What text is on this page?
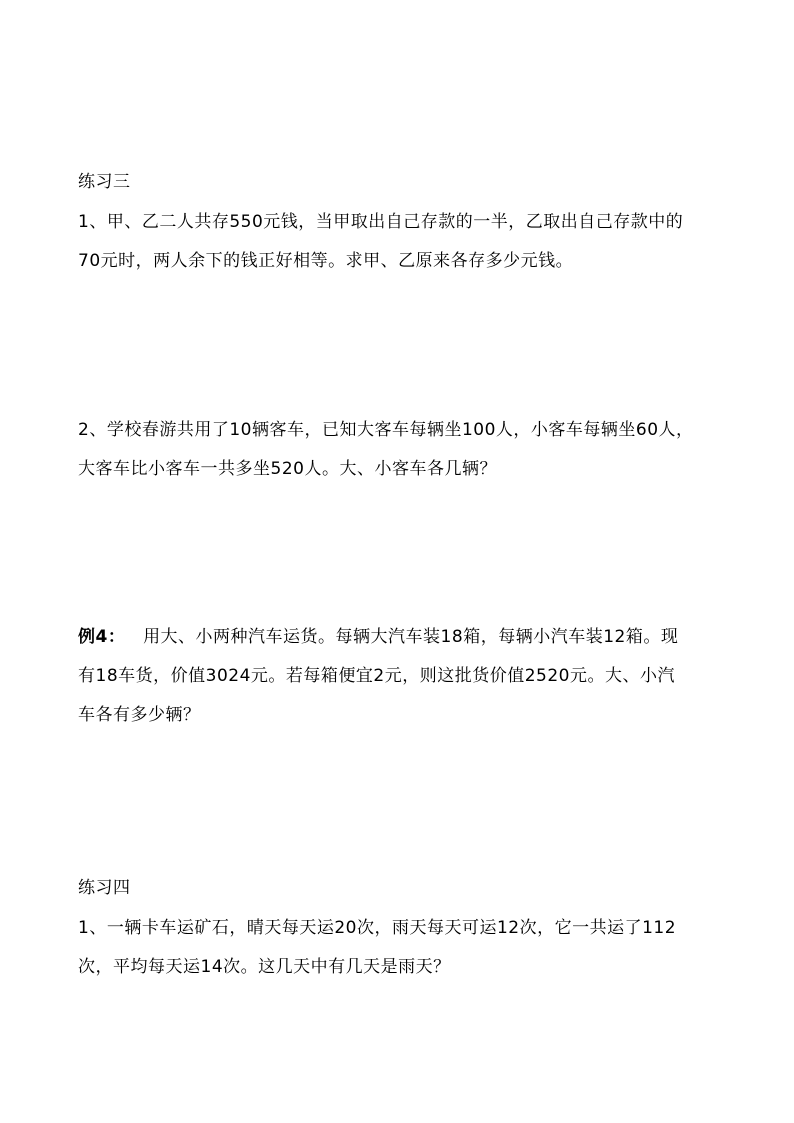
练习三
1、甲、乙二人共存550元钱，当甲取出自己存款的一半，乙取出自己存款中的
70元时，两人余下的钱正好相等。求甲、乙原来各存多少元钱。
2、学校春游共用了10辆客车，已知大客车每辆坐100人，小客车每辆坐60人，
大客车比小客车一共多坐520人。大、小客车各几辆？
例4： 用大、小两种汽车运货。每辆大汽车装18箱，每辆小汽车装12箱。现
有18车货，价值3024元。若每箱便宜2元，则这批货价值2520元。大、小汽
车各有多少辆？
练习四
1、一辆卡车运矿石，晴天每天运20次，雨天每天可运12次，它一共运了112
次，平均每天运14次。这几天中有几天是雨天？
